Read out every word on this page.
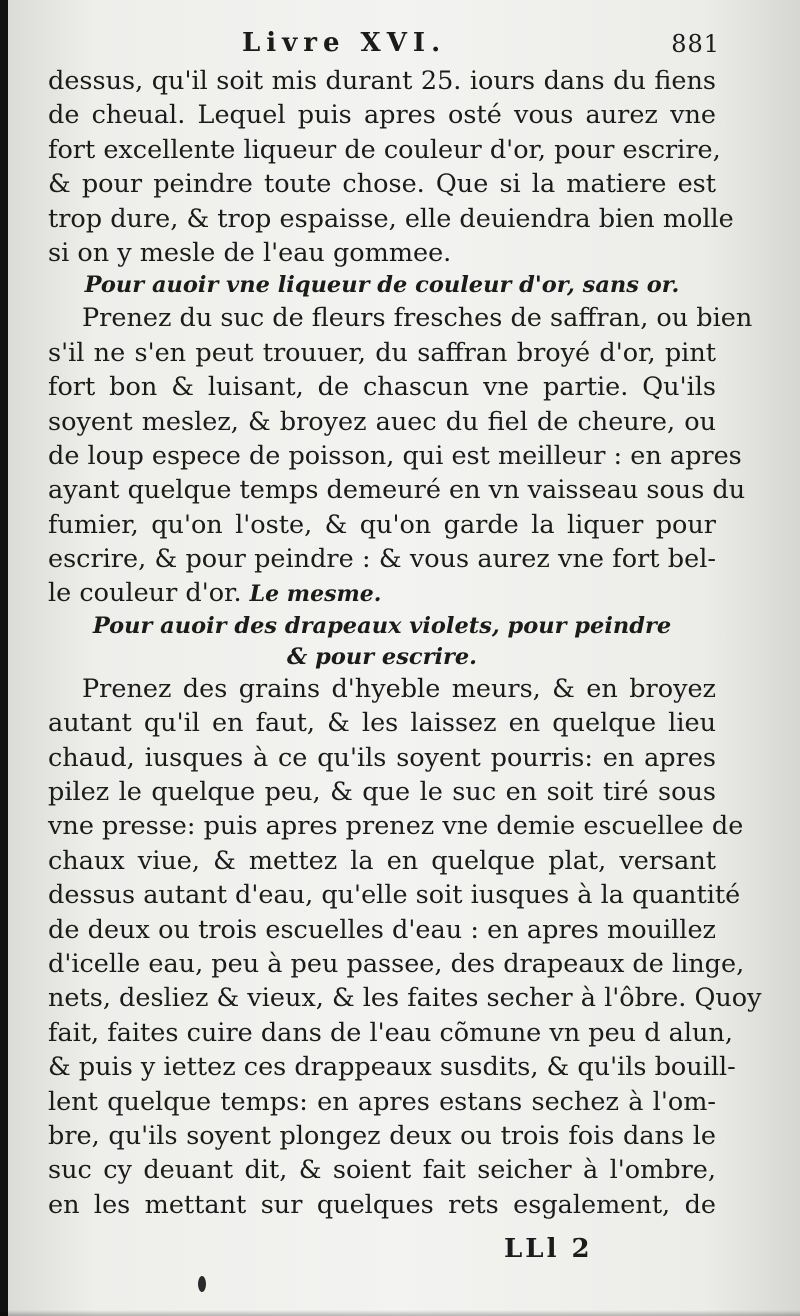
Livre XVI.	881
dessus, qu'il soit mis durant 25. iours dans du fiens
de cheual. Lequel puis apres osté vous aurez vne
fort excellente liqueur de couleur d'or, pour escrire,
& pour peindre toute chose. Que si la matiere est
trop dure, & trop espaisse, elle deuiendra bien molle
si on y mesle de l'eau gommee.
Pour auoir vne liqueur de couleur d'or, sans or.
Prenez du suc de fleurs fresches de saffran, ou bien
s'il ne s'en peut trouuer, du saffran broyé d'or, pint
fort bon & luisant, de chascun vne partie. Qu'ils
soyent meslez, & broyez auec du fiel de cheure, ou
de loup espece de poisson, qui est meilleur : en apres
ayant quelque temps demeuré en vn vaisseau sous du
fumier, qu'on l'oste, & qu'on garde la liquer pour
escrire, & pour peindre : & vous aurez vne fort bel-
le couleur d'or. Le mesme.
Pour auoir des drapeaux violets, pour peindre
& pour escrire.
Prenez des grains d'hyeble meurs, & en broyez
autant qu'il en faut, & les laissez en quelque lieu
chaud, iusques à ce qu'ils soyent pourris: en apres
pilez le quelque peu, & que le suc en soit tiré sous
vne presse: puis apres prenez vne demie escuellee de
chaux viue, & mettez la en quelque plat, versant
dessus autant d'eau, qu'elle soit iusques à la quantité
de deux ou trois escuelles d'eau : en apres mouillez
d'icelle eau, peu à peu passee, des drapeaux de linge,
nets, desliez & vieux, & les faites secher à l'ôbre. Quoy
fait, faites cuire dans de l'eau cõmune vn peu d alun,
& puis y iettez ces drappeaux susdits, & qu'ils bouill-
lent quelque temps: en apres estans sechez à l'om-
bre, qu'ils soyent plongez deux ou trois fois dans le
suc cy deuant dit, & soient fait seicher à l'ombre,
en les mettant sur quelques rets esgalement, de
LLl 2
